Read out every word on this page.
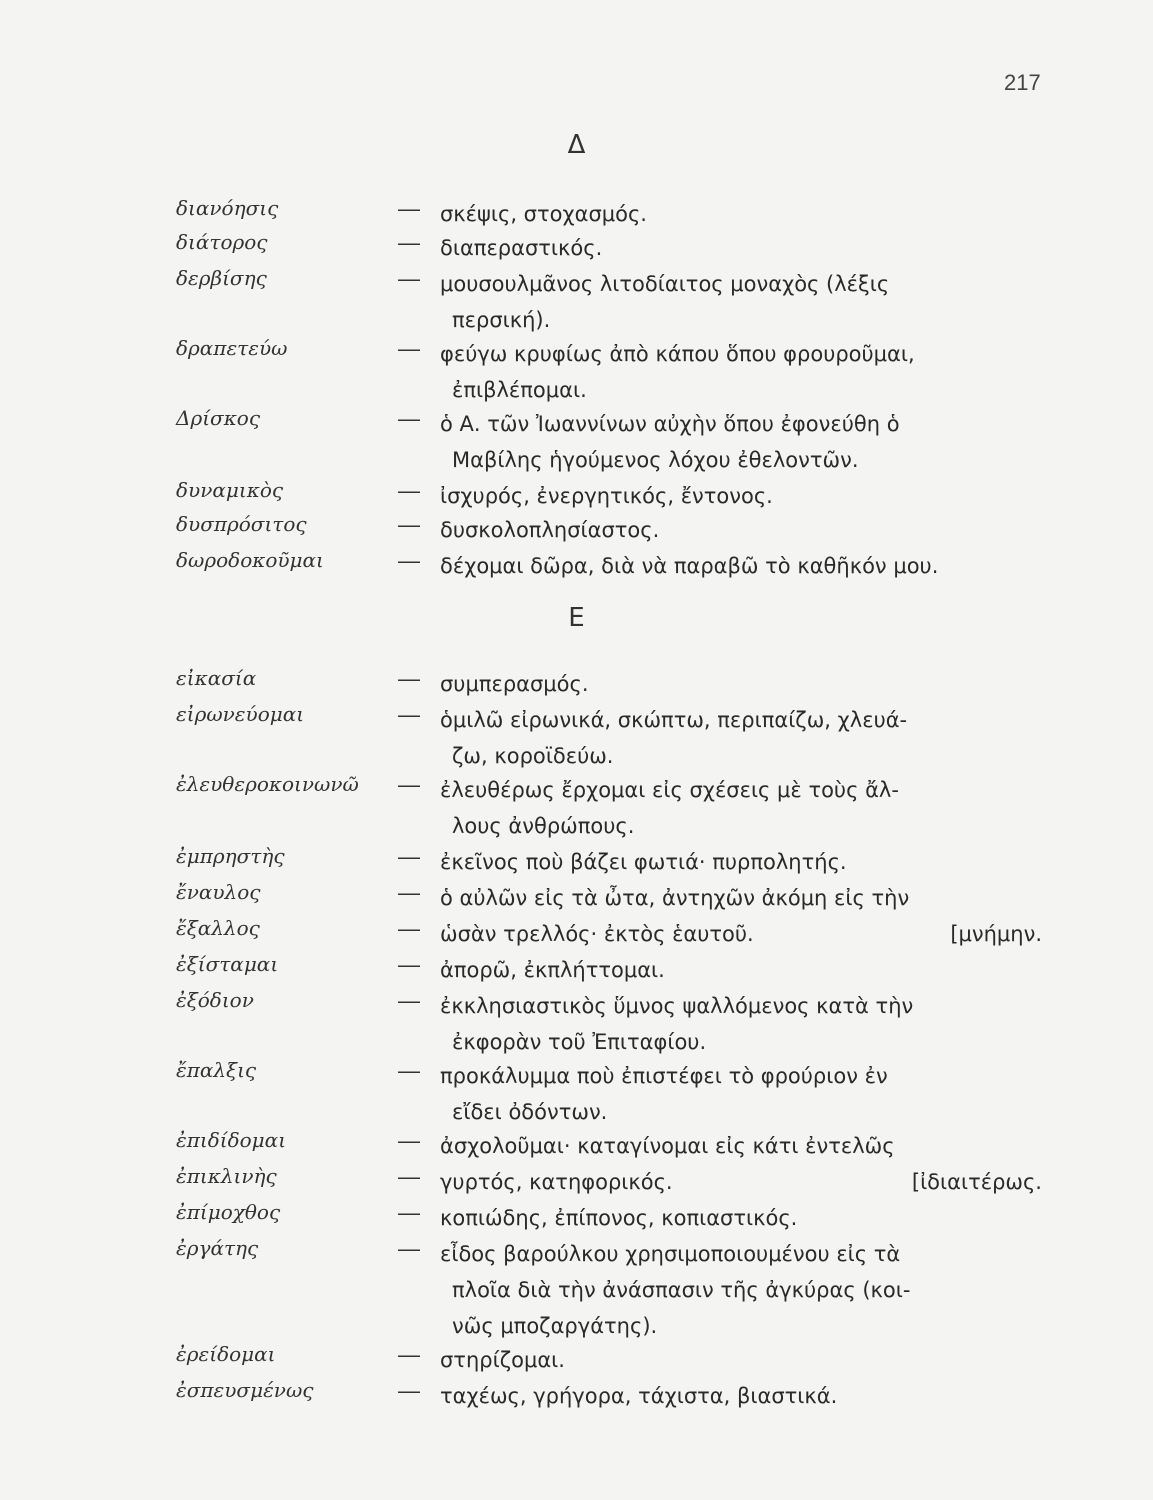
217
Δ
Ε
διανόησις	— σκέψις, στοχασμός.
διάτορος	— διαπεραστικός.
δερβίσης	— μουσουλμᾶνος λιτοδίαιτος μοναχὸς (λέξις
περσική).
δραπετεύω	— φεύγω κρυφίως ἀπὸ κάπου ὅπου φρουροῦμαι,
ἐπιβλέπομαι.
Δρίσκος	— ὁ Α. τῶν Ἰωαννίνων αὐχὴν ὅπου ἐφονεύθη ὁ
Μαβίλης ἡγούμενος λόχου ἐθελοντῶν.
δυναμικὸς	— ἰσχυρός, ἐνεργητικός, ἔντονος.
δυσπρόσιτος	— δυσκολοπλησίαστος.
δωροδοκοῦμαι	— δέχομαι δῶρα, διὰ νὰ παραβῶ τὸ καθῆκόν μου.
εἰκασία	— συμπερασμός.
εἰρωνεύομαι	— ὁμιλῶ εἰρωνικά, σκώπτω, περιπαίζω, χλευά-
ζω, κοροϊδεύω.
ἐλευθεροκοινωνῶ — ἐλευθέρως ἔρχομαι εἰς σχέσεις μὲ τοὺς ἄλ-
λους ἀνθρώπους.
ἐμπρηστὴς	— ἐκεῖνος ποὺ βάζει φωτιά· πυρπολητής.
ἔναυλος	— ὁ αὐλῶν εἰς τὰ ὦτα, ἀντηχῶν ἀκόμη εἰς τὴν
ἔξαλλος	— ὡσὰν τρελλός· ἐκτὸς ἑαυτοῦ.	[μνήμην.
ἐξίσταμαι	— ἀπορῶ, ἐκπλήττομαι.
ἐξόδιον	— ἐκκλησιαστικὸς ὕμνος ψαλλόμενος κατὰ τὴν
ἐκφορὰν τοῦ Ἐπιταφίου.
ἔπαλξις	— προκάλυμμα ποὺ ἐπιστέφει τὸ φρούριον ἐν
εἴδει ὀδόντων.
ἐπιδίδομαι	— ἀσχολοῦμαι· καταγίνομαι εἰς κάτι ἐντελῶς
ἐπικλινὴς	— γυρτός, κατηφορικός.	[ἰδιαιτέρως.
ἐπίμοχθος	— κοπιώδης, ἐπίπονος, κοπιαστικός.
ἐργάτης	— εἶδος βαρούλκου χρησιμοποιουμένου εἰς τὰ
πλοῖα διὰ τὴν ἀνάσπασιν τῆς ἀγκύρας (κοι-
νῶς μποζαργάτης).
ἐρείδομαι	— στηρίζομαι.
ἐσπευσμένως	— ταχέως, γρήγορα, τάχιστα, βιαστικά.
